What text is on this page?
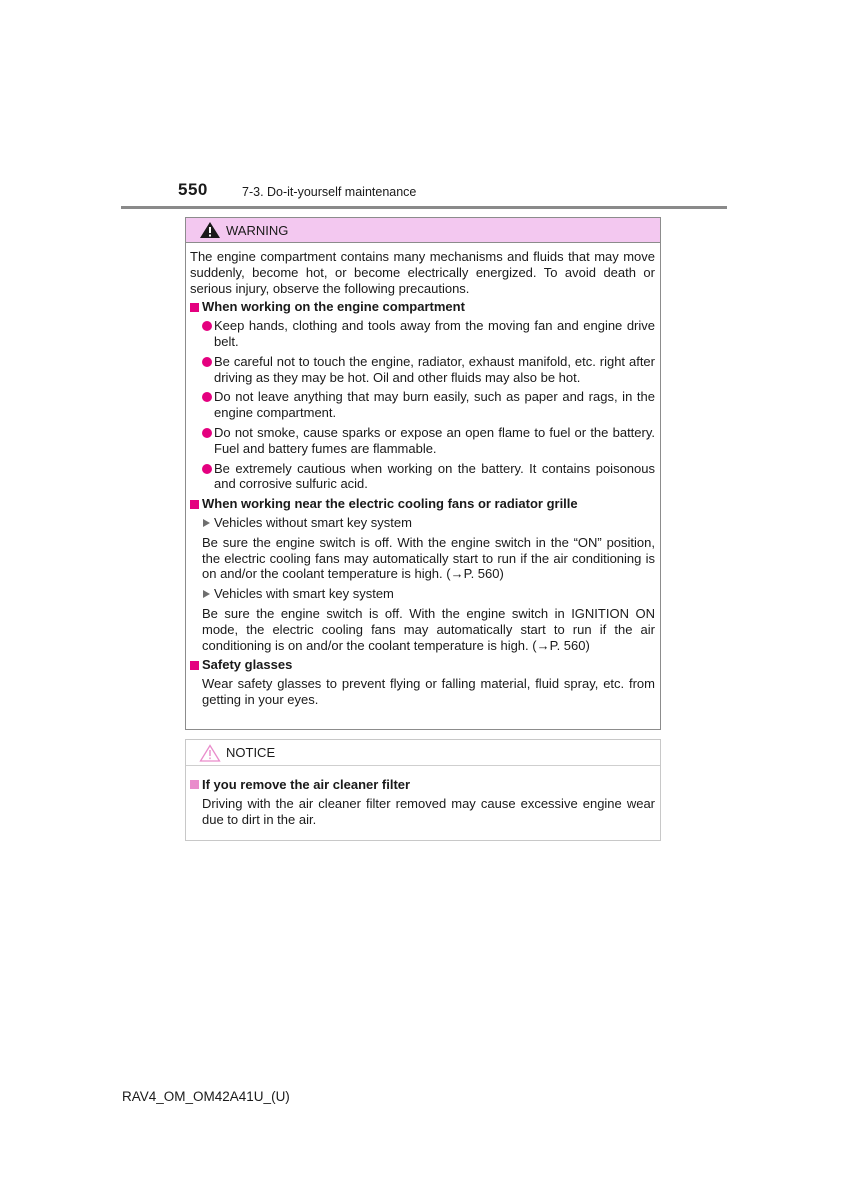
550	7-3. Do-it-yourself maintenance
WARNING

The engine compartment contains many mechanisms and fluids that may move suddenly, become hot, or become electrically energized. To avoid death or serious injury, observe the following precautions.

When working on the engine compartment
Keep hands, clothing and tools away from the moving fan and engine drive belt.
Be careful not to touch the engine, radiator, exhaust manifold, etc. right after driving as they may be hot. Oil and other fluids may also be hot.
Do not leave anything that may burn easily, such as paper and rags, in the engine compartment.
Do not smoke, cause sparks or expose an open flame to fuel or the battery. Fuel and battery fumes are flammable.
Be extremely cautious when working on the battery. It contains poisonous and corrosive sulfuric acid.
When working near the electric cooling fans or radiator grille
Vehicles without smart key system

Be sure the engine switch is off. With the engine switch in the “ON” position, the electric cooling fans may automatically start to run if the air conditioning is on and/or the coolant temperature is high. (→P. 560)

Vehicles with smart key system

Be sure the engine switch is off. With the engine switch in IGNITION ON mode, the electric cooling fans may automatically start to run if the air conditioning is on and/or the coolant temperature is high. (→P. 560)

Safety glasses

Wear safety glasses to prevent flying or falling material, fluid spray, etc. from getting in your eyes.

NOTICE
If you remove the air cleaner filter

Driving with the air cleaner filter removed may cause excessive engine wear due to dirt in the air.

RAV4_OM_OM42A41U_(U)
